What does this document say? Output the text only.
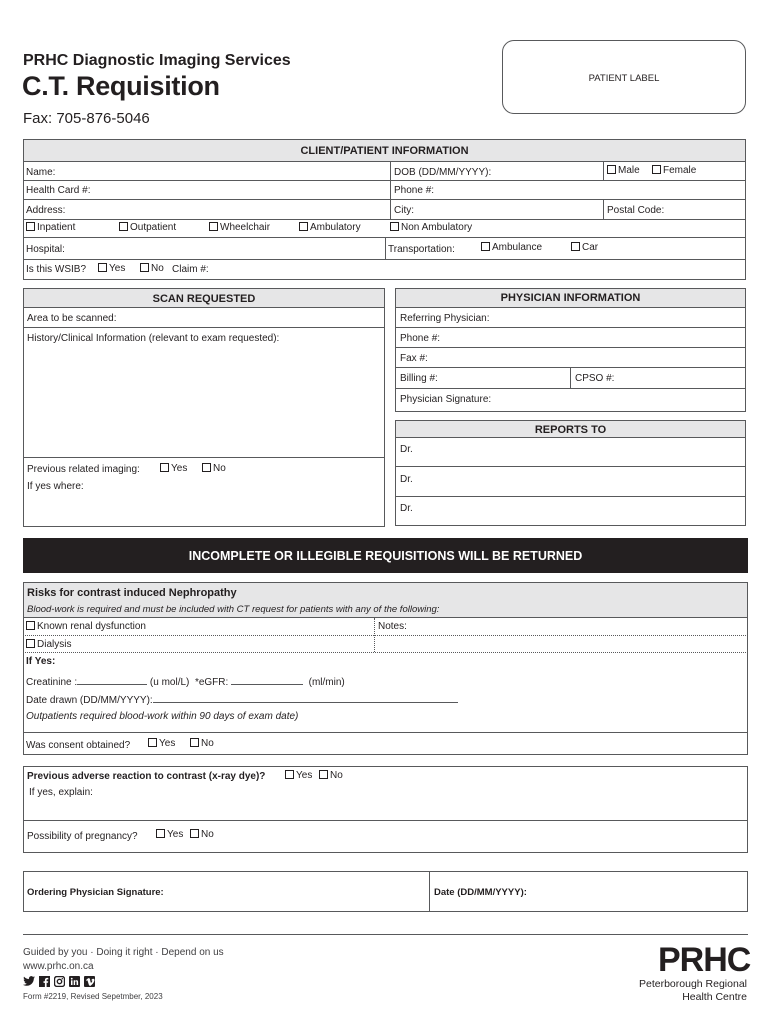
PRHC Diagnostic Imaging Services
C.T. Requisition
Fax: 705-876-5046
PATIENT LABEL
CLIENT/PATIENT INFORMATION
Name:	DOB (DD/MM/YYYY):	Male	Female
Health Card #:	Phone #:
Address:	City:	Postal Code:
Inpatient	Outpatient	Wheelchair	Ambulatory	Non Ambulatory
Hospital:	Transportation:	Ambulance	Car
Is this WSIB?	Yes	No Claim #:
SCAN REQUESTED
Area to be scanned:
History/Clinical Information (relevant to exam requested):
Previous related imaging:	Yes	No
If yes where:
PHYSICIAN INFORMATION
Referring Physician:
Phone #:
Fax #:
Billing #:	CPSO #:
Physician Signature:
REPORTS TO
Dr.
Dr.
Dr.
INCOMPLETE OR ILLEGIBLE REQUISITIONS WILL BE RETURNED
Risks for contrast induced Nephropathy
Blood-work is required and must be included with CT request for patients with any of the following:
Known renal dysfunction	Notes:
Dialysis
If Yes:
Creatinine :	(u mol/L) *eGFR:	(ml/min)
Date drawn (DD/MM/YYYY):
Outpatients required blood-work within 90 days of exam date)
Was consent obtained?	Yes	No
Previous adverse reaction to contrast (x-ray dye)?	Yes	No
If yes, explain:
Possibility of pregnancy?	Yes	No
Ordering Physician Signature:	Date (DD/MM/YYYY):
Guided by you · Doing it right · Depend on us
www.prhc.on.ca
Form #2219, Revised Sepetmber, 2023
PRHC
Peterborough Regional
Health Centre
